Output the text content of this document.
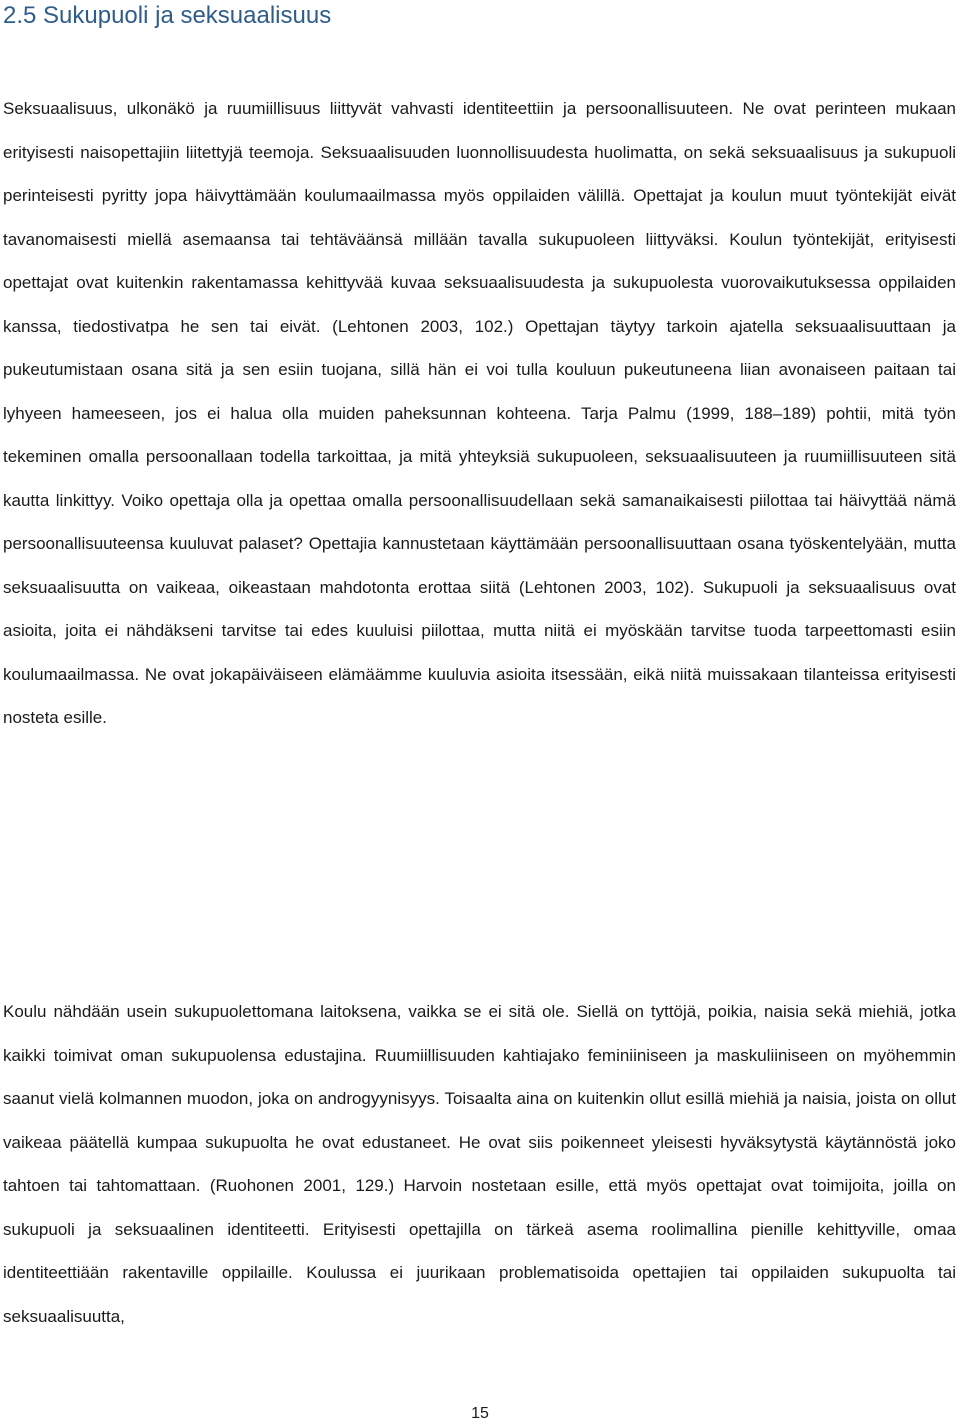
2.5 Sukupuoli ja seksuaalisuus

Seksuaalisuus, ulkonäkö ja ruumiillisuus liittyvät vahvasti identiteettiin ja persoonallisuuteen. Ne ovat perinteen mukaan erityisesti naisopettajiin liitettyjä teemoja. Seksuaalisuuden luonnollisuudesta huolimatta, on sekä seksuaalisuus ja sukupuoli perinteisesti pyritty jopa häivyttämään koulumaailmassa myös oppilaiden välillä. Opettajat ja koulun muut työntekijät eivät tavanomaisesti miellä asemaansa tai tehtäväänsä millään tavalla sukupuoleen liittyväksi. Koulun työntekijät, erityisesti opettajat ovat kuitenkin rakentamassa kehittyvää kuvaa seksuaalisuudesta ja sukupuolesta vuorovaikutuksessa oppilaiden kanssa, tiedostivatpa he sen tai eivät. (Lehtonen 2003, 102.) Opettajan täytyy tarkoin ajatella seksuaalisuuttaan ja pukeutumistaan osana sitä ja sen esiin tuojana, sillä hän ei voi tulla kouluun pukeutuneena liian avonaiseen paitaan tai lyhyeen hameeseen, jos ei halua olla muiden paheksunnan kohteena. Tarja Palmu (1999, 188–189) pohtii, mitä työn tekeminen omalla persoonallaan todella tarkoittaa, ja mitä yhteyksiä sukupuoleen, seksuaalisuuteen ja ruumiillisuuteen sitä kautta linkittyy. Voiko opettaja olla ja opettaa omalla persoonallisuudellaan sekä samanaikaisesti piilottaa tai häivyttää nämä persoonallisuuteensa kuuluvat palaset? Opettajia kannustetaan käyttämään persoonallisuuttaan osana työskentelyään, mutta seksuaalisuutta on vaikeaa, oikeastaan mahdotonta erottaa siitä (Lehtonen 2003, 102). Sukupuoli ja seksuaalisuus ovat asioita, joita ei nähdäkseni tarvitse tai edes kuuluisi piilottaa, mutta niitä ei myöskään tarvitse tuoda tarpeettomasti esiin koulumaailmassa. Ne ovat jokapäiväiseen elämäämme kuuluvia asioita itsessään, eikä niitä muissakaan tilanteissa erityisesti nosteta esille.

Koulu nähdään usein sukupuolettomana laitoksena, vaikka se ei sitä ole. Siellä on tyttöjä, poikia, naisia sekä miehiä, jotka kaikki toimivat oman sukupuolensa edustajina. Ruumiillisuuden kahtiajako feminiiniseen ja maskuliiniseen on myöhemmin saanut vielä kolmannen muodon, joka on androgyynisyys. Toisaalta aina on kuitenkin ollut esillä miehiä ja naisia, joista on ollut vaikeaa päätellä kumpaa sukupuolta he ovat edustaneet. He ovat siis poikenneet yleisesti hyväksytystä käytännöstä joko tahtoen tai tahtomattaan. (Ruohonen 2001, 129.) Harvoin nostetaan esille, että myös opettajat ovat toimijoita, joilla on sukupuoli ja seksuaalinen identiteetti. Erityisesti opettajilla on tärkeä asema roolimallina pienille kehittyville, omaa identiteettiään rakentaville oppilaille. Koulussa ei juurikaan problematisoida opettajien tai oppilaiden sukupuolta tai seksuaalisuutta,

15
